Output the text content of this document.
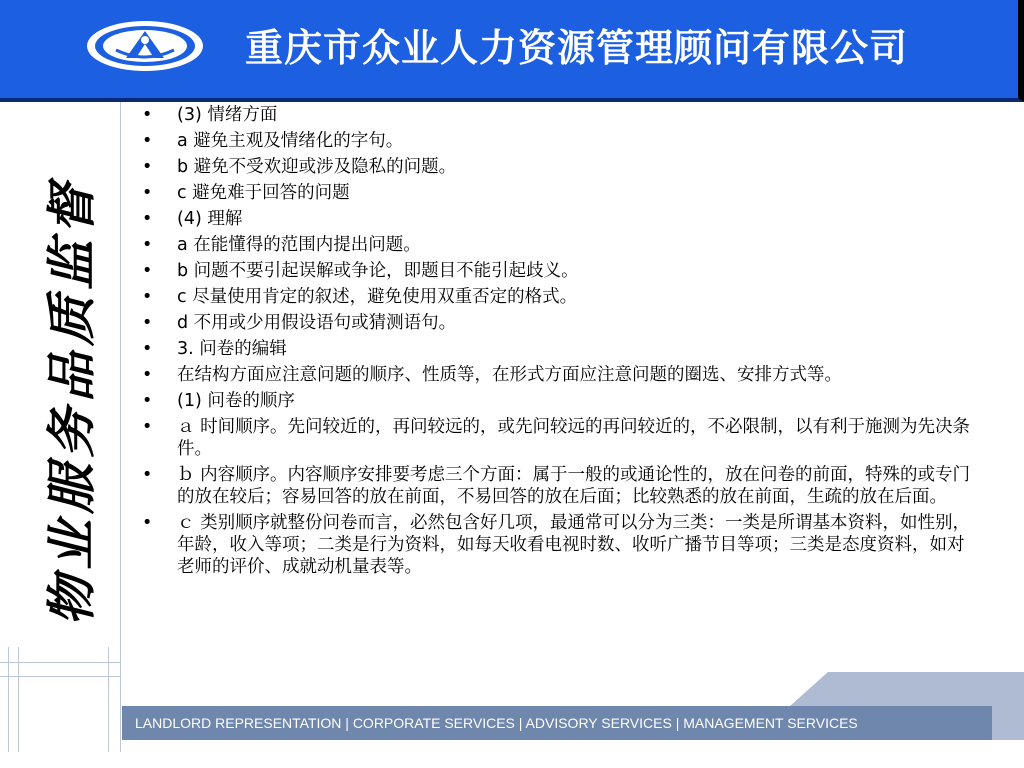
重庆市众业人力资源管理顾问有限公司
物业服务品质监督
• (3) 情绪方面
• a 避免主观及情绪化的字句。
• b 避免不受欢迎或涉及隐私的问题。
• c 避免难于回答的问题
• (4) 理解
• a 在能懂得的范围内提出问题。
• b 问题不要引起误解或争论，即题目不能引起歧义。
• c 尽量使用肯定的叙述，避免使用双重否定的格式。
• d 不用或少用假设语句或猜测语句。
• 3. 问卷的编辑
• 在结构方面应注意问题的顺序、性质等，在形式方面应注意问题的圈选、安排方式等。
• (1) 问卷的顺序
• ａ 时间顺序。先问较近的，再问较远的，或先问较远的再问较近的，不必限制，以有利于施测为先决条件。
• ｂ 内容顺序。内容顺序安排要考虑三个方面：属于一般的或通论性的，放在问卷的前面，特殊的或专门的放在较后；容易回答的放在前面，不易回答的放在后面；比较熟悉的放在前面，生疏的放在后面。
• ｃ 类别顺序就整份问卷而言，必然包含好几项，最通常可以分为三类：一类是所谓基本资料，如性别，年龄，收入等项；二类是行为资料，如每天收看电视时数、收听广播节目等项；三类是态度资料，如对老师的评价、成就动机量表等。
LANDLORD REPRESENTATION | CORPORATE SERVICES | ADVISORY SERVICES | MANAGEMENT SERVICES
